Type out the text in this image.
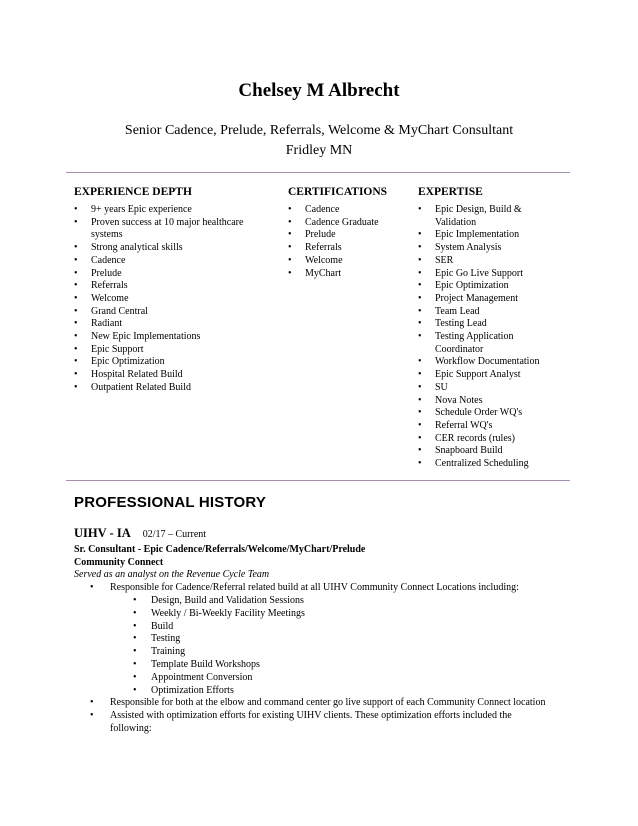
Chelsey M Albrecht
Senior Cadence, Prelude, Referrals, Welcome & MyChart Consultant
Fridley MN
EXPERIENCE DEPTH
• 9+ years Epic experience
• Proven success at 10 major healthcare systems
• Strong analytical skills
• Cadence
• Prelude
• Referrals
• Welcome
• Grand Central
• Radiant
• New Epic Implementations
• Epic Support
• Epic Optimization
• Hospital Related Build
• Outpatient Related Build
CERTIFICATIONS
• Cadence
• Cadence Graduate
• Prelude
• Referrals
• Welcome
• MyChart
EXPERTISE
• Epic Design, Build & Validation
• Epic Implementation
• System Analysis
• SER
• Epic Go Live Support
• Epic Optimization
• Project Management
• Team Lead
• Testing Lead
• Testing Application Coordinator
• Workflow Documentation
• Epic Support Analyst
• SU
• Nova Notes
• Schedule Order WQ's
• Referral WQ's
• CER records (rules)
• Snapboard Build
• Centralized Scheduling
PROFESSIONAL HISTORY
UIHV - IA 02/17 – Current
Sr. Consultant - Epic Cadence/Referrals/Welcome/MyChart/Prelude
Community Connect
Served as an analyst on the Revenue Cycle Team
• Responsible for Cadence/Referral related build at all UIHV Community Connect Locations including:
• Design, Build and Validation Sessions
• Weekly / Bi-Weekly Facility Meetings
• Build
• Testing
• Training
• Template Build Workshops
• Appointment Conversion
• Optimization Efforts
• Responsible for both at the elbow and command center go live support of each Community Connect location
• Assisted with optimization efforts for existing UIHV clients. These optimization efforts included the following:
